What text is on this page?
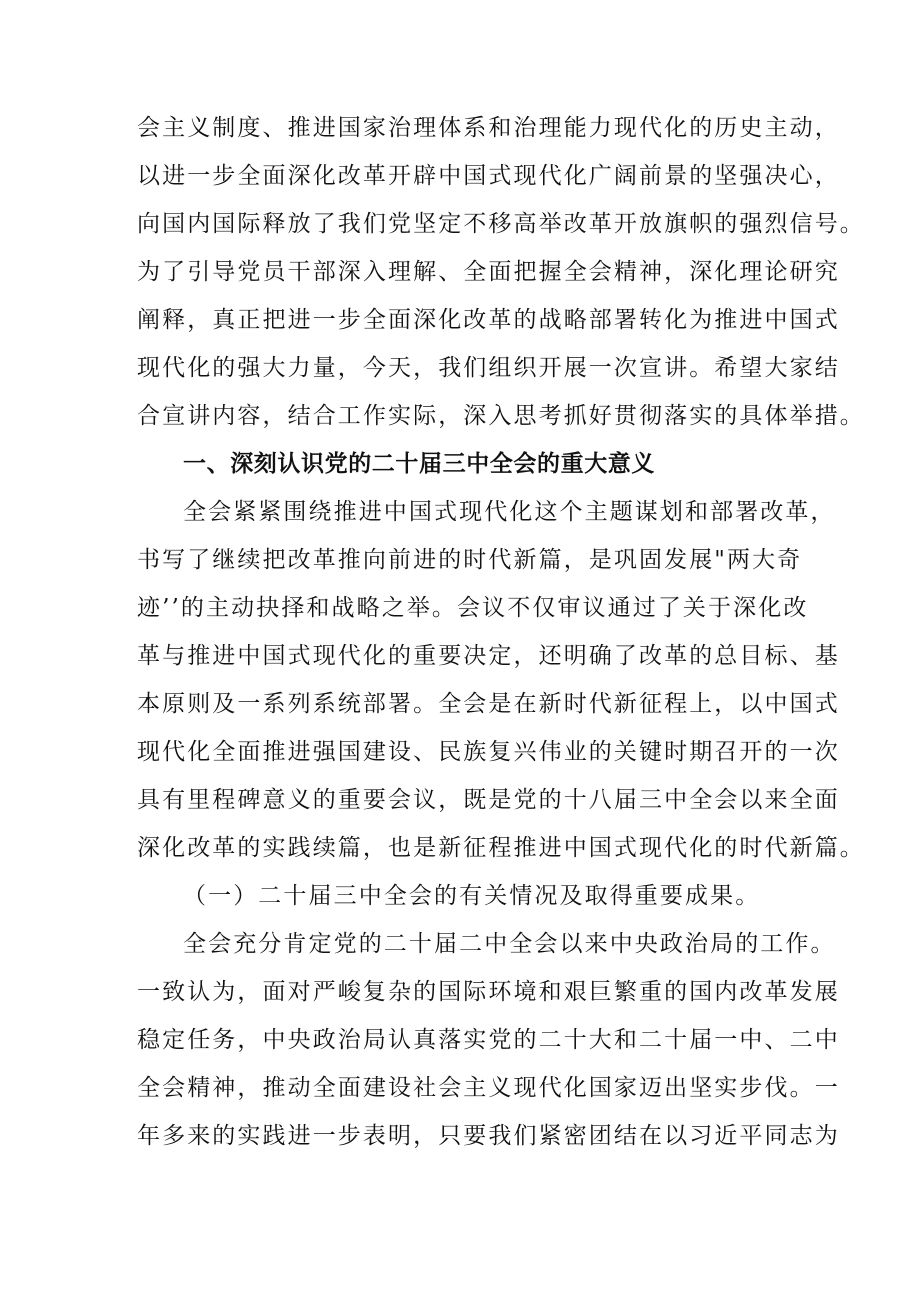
会主义制度、推进国家治理体系和治理能力现代化的历史主动，
以进一步全面深化改革开辟中国式现代化广阔前景的坚强决心，
向国内国际释放了我们党坚定不移高举改革开放旗帜的强烈信号。
为了引导党员干部深入理解、全面把握全会精神，深化理论研究
阐释，真正把进一步全面深化改革的战略部署转化为推进中国式
现代化的强大力量，今天，我们组织开展一次宣讲。希望大家结
合宣讲内容，结合工作实际，深入思考抓好贯彻落实的具体举措。
一、深刻认识党的二十届三中全会的重大意义
全会紧紧围绕推进中国式现代化这个主题谋划和部署改革，
书写了继续把改革推向前进的时代新篇，是巩固发展"两大奇
迹’’的主动抉择和战略之举。会议不仅审议通过了关于深化改
革与推进中国式现代化的重要决定，还明确了改革的总目标、基
本原则及一系列系统部署。全会是在新时代新征程上，以中国式
现代化全面推进强国建设、民族复兴伟业的关键时期召开的一次
具有里程碑意义的重要会议，既是党的十八届三中全会以来全面
深化改革的实践续篇，也是新征程推进中国式现代化的时代新篇。
（一）二十届三中全会的有关情况及取得重要成果。
全会充分肯定党的二十届二中全会以来中央政治局的工作。
一致认为，面对严峻复杂的国际环境和艰巨繁重的国内改革发展
稳定任务，中央政治局认真落实党的二十大和二十届一中、二中
全会精神，推动全面建设社会主义现代化国家迈出坚实步伐。一
年多来的实践进一步表明，只要我们紧密团结在以习近平同志为
